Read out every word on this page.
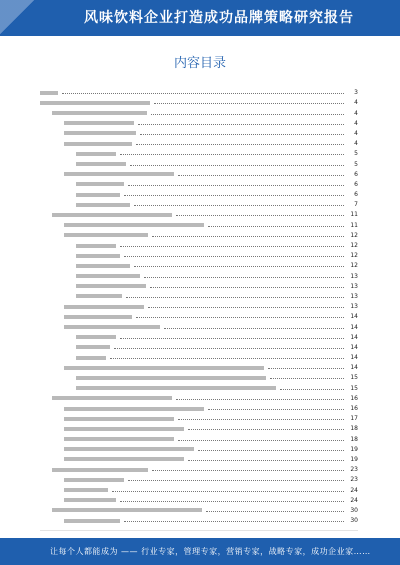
风味饮料企业打造成功品牌策略研究报告
内容目录
3
4
4
4
4
4
5
5
6
6
6
7
11
11
12
12
12
12
13
13
13
13
14
14
14
14
14
14
15
15
16
16
17
18
18
19
19
23
23
24
24
30
30
让每个人都能成为 —— 行业专家，管理专家，营销专家，战略专家，成功企业家……
